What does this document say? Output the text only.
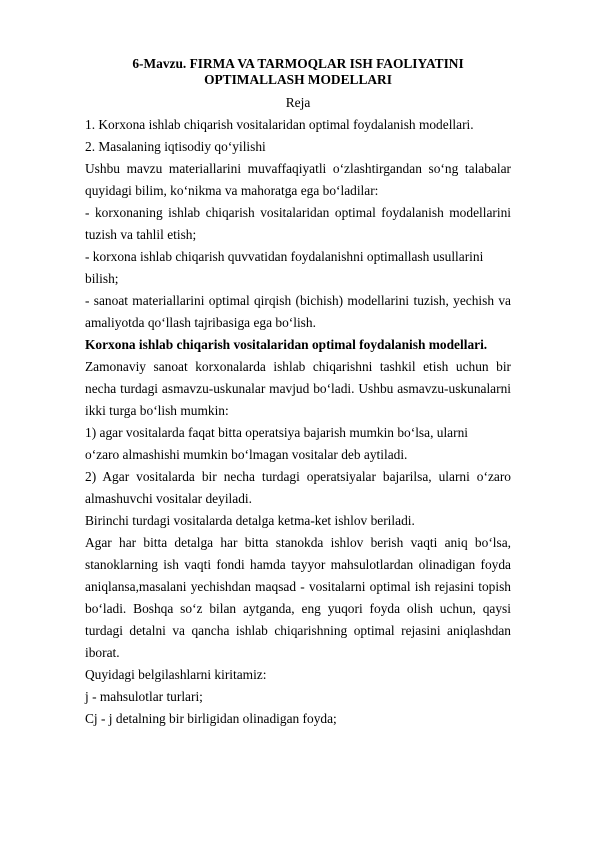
6-Mavzu. FIRMA VA TARMOQLAR ISH FAOLIYATINI OPTIMALLASH MODELLARI

Reja

1. Korxona ishlab chiqarish vositalaridan optimal foydalanish modellari.

2. Masalaning iqtisodiy qo‘yilishi

Ushbu mavzu materiallarini muvaffaqiyatli o‘zlashtirgandan so‘ng talabalar quyidagi bilim, ko‘nikma va mahoratga ega bo‘ladilar:

- korxonaning ishlab chiqarish vositalaridan optimal foydalanish modellarini tuzish va tahlil etish;

- korxona ishlab chiqarish quvvatidan foydalanishni optimallash usullarini bilish;

- sanoat materiallarini optimal qirqish (bichish) modellarini tuzish, yechish va amaliyotda qo‘llash tajribasiga ega bo‘lish.

Korxona ishlab chiqarish vositalaridan optimal foydalanish modellari.

Zamonaviy sanoat korxonalarda ishlab chiqarishni tashkil etish uchun bir necha turdagi asmavzu-uskunalar mavjud bo‘ladi. Ushbu asmavzu-uskunalarni ikki turga bo‘lish mumkin:

1) agar vositalarda faqat bitta operatsiya bajarish mumkin bo‘lsa, ularni o‘zaro almashishi mumkin bo‘lmagan vositalar deb aytiladi.

2) Agar vositalarda bir necha turdagi operatsiyalar bajarilsa, ularni o‘zaro almashuvchi vositalar deyiladi.

Birinchi turdagi vositalarda detalga ketma-ket ishlov beriladi.

Agar har bitta detalga har bitta stanokda ishlov berish vaqti aniq bo‘lsa, stanoklarning ish vaqti fondi hamda tayyor mahsulotlardan olinadigan foyda aniqlansa,masalani yechishdan maqsad - vositalarni optimal ish rejasini topish bo‘ladi. Boshqa so‘z bilan aytganda, eng yuqori foyda olish uchun, qaysi turdagi detalni va qancha ishlab chiqarishning optimal rejasini aniqlashdan iborat.

Quyidagi belgilashlarni kiritamiz:

j - mahsulotlar turlari;

Cj - j detalning bir birligidan olinadigan foyda;
